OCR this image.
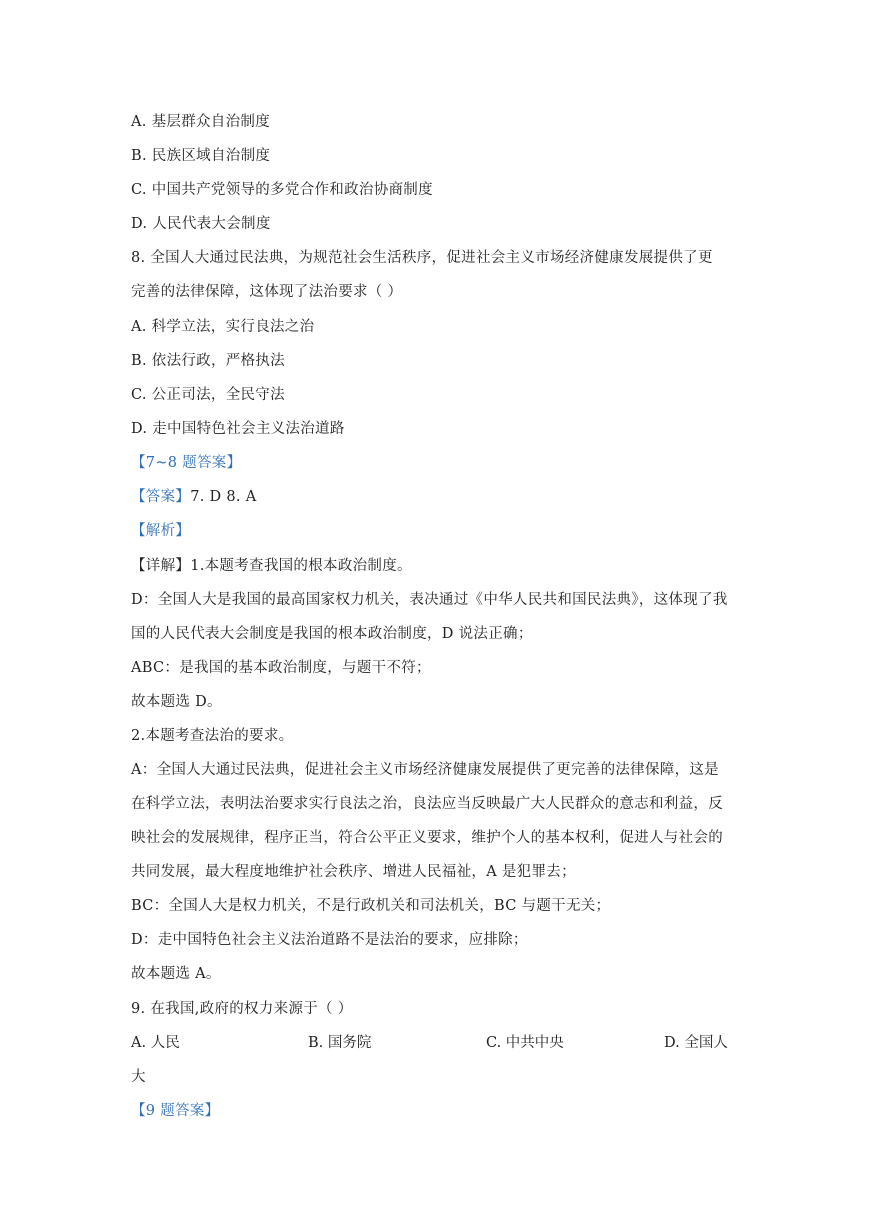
A. 基层群众自治制度
B. 民族区域自治制度
C. 中国共产党领导的多党合作和政治协商制度
D. 人民代表大会制度
8. 全国人大通过民法典，为规范社会生活秩序，促进社会主义市场经济健康发展提供了更
完善的法律保障，这体现了法治要求（ ）
A. 科学立法，实行良法之治
B. 依法行政，严格执法
C. 公正司法，全民守法
D. 走中国特色社会主义法治道路
【7~8 题答案】
【答案】7. D 8. A
【解析】
【详解】1.本题考查我国的根本政治制度。
D：全国人大是我国的最高国家权力机关，表决通过《中华人民共和国民法典》，这体现了我
国的人民代表大会制度是我国的根本政治制度，D 说法正确；
ABC：是我国的基本政治制度，与题干不符；
故本题选 D。
2.本题考查法治的要求。
A：全国人大通过民法典，促进社会主义市场经济健康发展提供了更完善的法律保障，这是
在科学立法，表明法治要求实行良法之治，良法应当反映最广大人民群众的意志和利益，反
映社会的发展规律，程序正当，符合公平正义要求，维护个人的基本权利，促进人与社会的
共同发展，最大程度地维护社会秩序、增进人民福祉，A 是犯罪去；
BC：全国人大是权力机关，不是行政机关和司法机关，BC 与题干无关；
D：走中国特色社会主义法治道路不是法治的要求，应排除；
故本题选 A。
9. 在我国,政府的权力来源于（ ）
A. 人民	B. 国务院	C. 中共中央	D. 全国人
大
【9 题答案】
